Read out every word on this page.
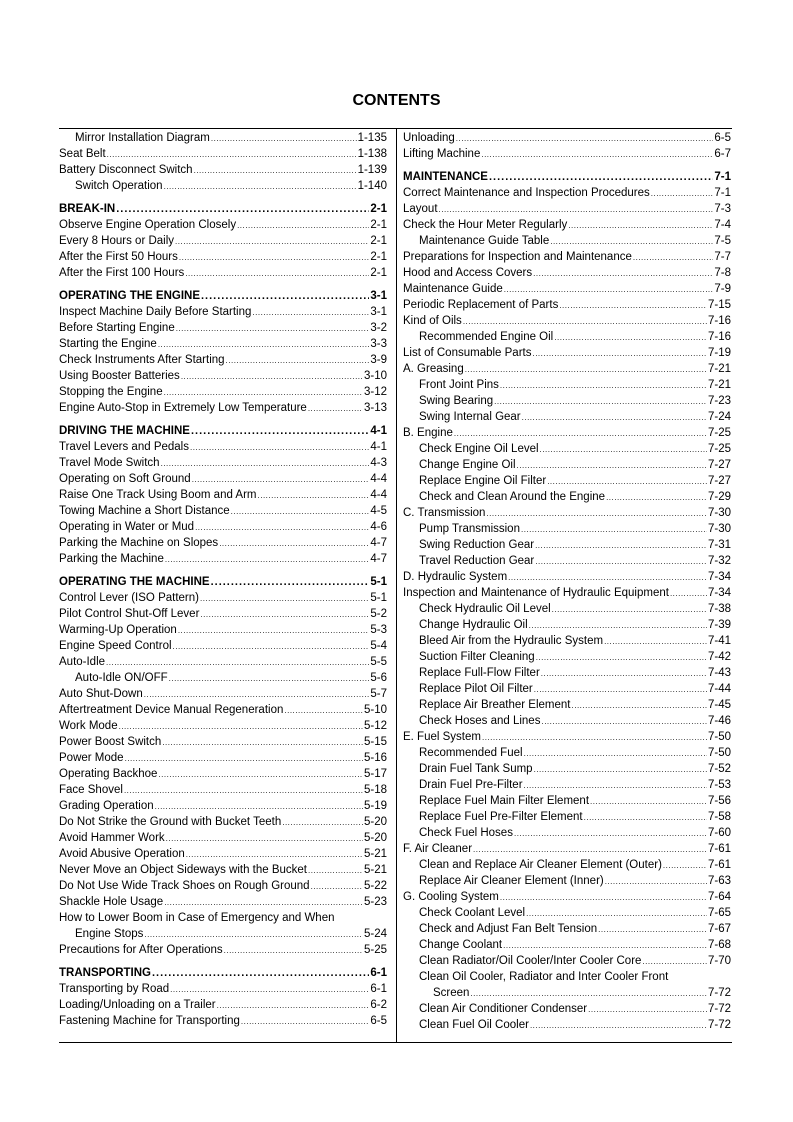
CONTENTS
Mirror Installation Diagram .....	1-135
Seat Belt .....	1-138
Battery Disconnect Switch .....	1-139
Switch Operation .....	1-140
BREAK-IN .....	2-1
Observe Engine Operation Closely .....	2-1
Every 8 Hours or Daily .....	2-1
After the First 50 Hours .....	2-1
After the First 100 Hours .....	2-1
OPERATING THE ENGINE .....	3-1
Inspect Machine Daily Before Starting .....	3-1
Before Starting Engine .....	3-2
Starting the Engine .....	3-3
Check Instruments After Starting .....	3-9
Using Booster Batteries .....	3-10
Stopping the Engine .....	3-12
Engine Auto-Stop in Extremely Low Temperature .....	3-13
DRIVING THE MACHINE .....	4-1
Travel Levers and Pedals .....	4-1
Travel Mode Switch .....	4-3
Operating on Soft Ground .....	4-4
Raise One Track Using Boom and Arm .....	4-4
Towing Machine a Short Distance .....	4-5
Operating in Water or Mud .....	4-6
Parking the Machine on Slopes .....	4-7
Parking the Machine .....	4-7
OPERATING THE MACHINE .....	5-1
Control Lever (ISO Pattern) .....	5-1
Pilot Control Shut-Off Lever .....	5-2
Warming-Up Operation .....	5-3
Engine Speed Control .....	5-4
Auto-Idle .....	5-5
Auto-Idle ON/OFF .....	5-6
Auto Shut-Down .....	5-7
Aftertreatment Device Manual Regeneration .....	5-10
Work Mode .....	5-12
Power Boost Switch .....	5-15
Power Mode .....	5-16
Operating Backhoe .....	5-17
Face Shovel .....	5-18
Grading Operation .....	5-19
Do Not Strike the Ground with Bucket Teeth .....	5-20
Avoid Hammer Work .....	5-20
Avoid Abusive Operation .....	5-21
Never Move an Object Sideways with the Bucket .....	5-21
Do Not Use Wide Track Shoes on Rough Ground .....	5-22
Shackle Hole Usage .....	5-23
How to Lower Boom in Case of Emergency and When
Engine Stops .....	5-24
Precautions for After Operations .....	5-25
TRANSPORTING .....	6-1
Transporting by Road .....	6-1
Loading/Unloading on a Trailer .....	6-2
Fastening Machine for Transporting .....	6-5
Unloading .....	6-5
Lifting Machine .....	6-7
MAINTENANCE .....	7-1
Correct Maintenance and Inspection Procedures .....	7-1
Layout .....	7-3
Check the Hour Meter Regularly .....	7-4
Maintenance Guide Table .....	7-5
Preparations for Inspection and Maintenance .....	7-7
Hood and Access Covers .....	7-8
Maintenance Guide .....	7-9
Periodic Replacement of Parts .....	7-15
Kind of Oils .....	7-16
Recommended Engine Oil .....	7-16
List of Consumable Parts .....	7-19
A. Greasing .....	7-21
Front Joint Pins .....	7-21
Swing Bearing .....	7-23
Swing Internal Gear .....	7-24
B. Engine .....	7-25
Check Engine Oil Level .....	7-25
Change Engine Oil .....	7-27
Replace Engine Oil Filter .....	7-27
Check and Clean Around the Engine .....	7-29
C. Transmission .....	7-30
Pump Transmission .....	7-30
Swing Reduction Gear .....	7-31
Travel Reduction Gear .....	7-32
D. Hydraulic System .....	7-34
Inspection and Maintenance of Hydraulic Equipment .....	7-34
Check Hydraulic Oil Level .....	7-38
Change Hydraulic Oil .....	7-39
Bleed Air from the Hydraulic System .....	7-41
Suction Filter Cleaning .....	7-42
Replace Full-Flow Filter .....	7-43
Replace Pilot Oil Filter .....	7-44
Replace Air Breather Element .....	7-45
Check Hoses and Lines .....	7-46
E. Fuel System .....	7-50
Recommended Fuel .....	7-50
Drain Fuel Tank Sump .....	7-52
Drain Fuel Pre-Filter .....	7-53
Replace Fuel Main Filter Element .....	7-56
Replace Fuel Pre-Filter Element .....	7-58
Check Fuel Hoses .....	7-60
F. Air Cleaner .....	7-61
Clean and Replace Air Cleaner Element (Outer) .....	7-61
Replace Air Cleaner Element (Inner) .....	7-63
G. Cooling System .....	7-64
Check Coolant Level .....	7-65
Check and Adjust Fan Belt Tension .....	7-67
Change Coolant .....	7-68
Clean Radiator/Oil Cooler/Inter Cooler Core .....	7-70
Clean Oil Cooler, Radiator and Inter Cooler Front
Screen .....	7-72
Clean Air Conditioner Condenser .....	7-72
Clean Fuel Oil Cooler .....	7-72
